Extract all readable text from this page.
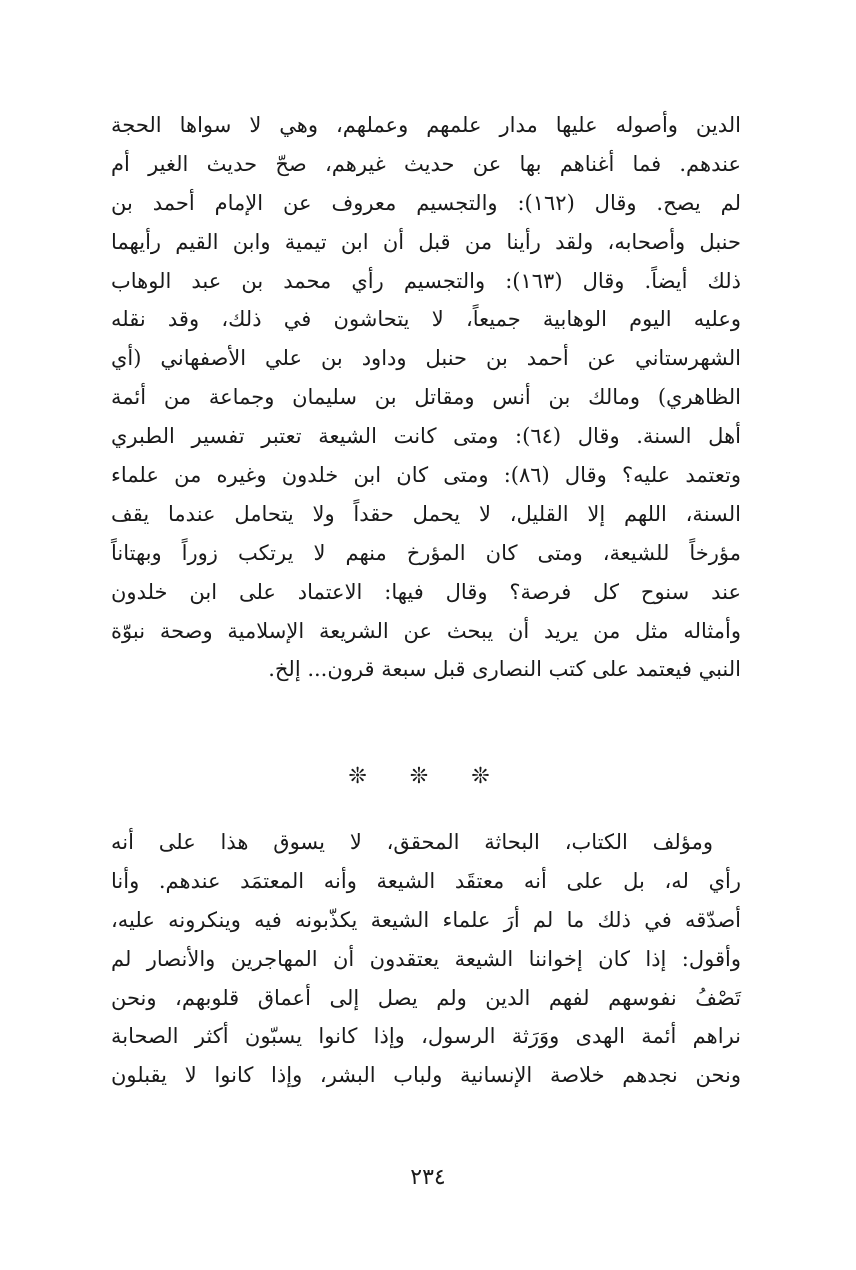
الدين وأصوله عليها مدار علمهم وعملهم، وهي لا سواها الحجة
عندهم. فما أغناهم بها عن حديث غيرهم، صحّ حديث الغير أم
لم يصح. وقال (١٦٢): والتجسيم معروف عن الإمام أحمد بن
حنبل وأصحابه، ولقد رأينا من قبل أن ابن تيمية وابن القيم رأيهما
ذلك أيضاً. وقال (١٦٣): والتجسيم رأي محمد بن عبد الوهاب
وعليه اليوم الوهابية جميعاً، لا يتحاشون في ذلك، وقد نقله
الشهرستاني عن أحمد بن حنبل وداود بن علي الأصفهاني (أي
الظاهري) ومالك بن أنس ومقاتل بن سليمان وجماعة من أئمة
أهل السنة. وقال (٦٤): ومتى كانت الشيعة تعتبر تفسير الطبري
وتعتمد عليه؟ وقال (٨٦): ومتى كان ابن خلدون وغيره من علماء
السنة، اللهم إلا القليل، لا يحمل حقداً ولا يتحامل عندما يقف
مؤرخاً للشيعة، ومتى كان المؤرخ منهم لا يرتكب زوراً وبهتاناً
عند سنوح كل فرصة؟ وقال فيها: الاعتماد على ابن خلدون
وأمثاله مثل من يريد أن يبحث عن الشريعة الإسلامية وصحة نبوّة
النبي فيعتمد على كتب النصارى قبل سبعة قرون... إلخ.
❊ ❊ ❊
ومؤلف الكتاب، البحاثة المحقق، لا يسوق هذا على أنه
رأي له، بل على أنه معتقَد الشيعة وأنه المعتمَد عندهم. وأنا
أصدّقه في ذلك ما لم أرَ علماء الشيعة يكذّبونه فيه وينكرونه عليه،
وأقول: إذا كان إخواننا الشيعة يعتقدون أن المهاجرين والأنصار لم
تَصْفُ نفوسهم لفهم الدين ولم يصل إلى أعماق قلوبهم، ونحن
نراهم أئمة الهدى ووَرَثة الرسول، وإذا كانوا يسبّون أكثر الصحابة
ونحن نجدهم خلاصة الإنسانية ولباب البشر، وإذا كانوا لا يقبلون
٢٣٤
